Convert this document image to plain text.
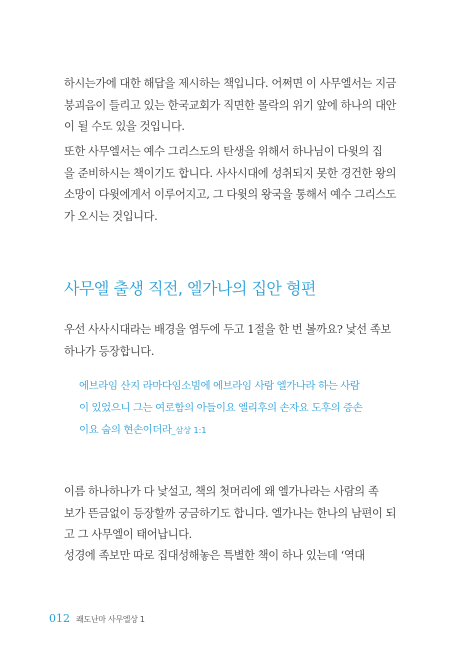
하시는가에 대한 해답을 제시하는 책입니다. 어쩌면 이 사무엘서는 지금
붕괴음이 들리고 있는 한국교회가 직면한 몰락의 위기 앞에 하나의 대안
이 될 수도 있을 것입니다.
또한 사무엘서는 예수 그리스도의 탄생을 위해서 하나님이 다윗의 집
을 준비하시는 책이기도 합니다. 사사시대에 성취되지 못한 경건한 왕의
소망이 다윗에게서 이루어지고, 그 다윗의 왕국을 통해서 예수 그리스도
가 오시는 것입니다.
사무엘 출생 직전, 엘가나의 집안 형편
우선 사사시대라는 배경을 염두에 두고 1절을 한 번 볼까요? 낯선 족보
하나가 등장합니다.
에브라임 산지 라마다임소빔에 에브라임 사람 엘가나라 하는 사람
이 있었으니 그는 여로함의 아들이요 엘리후의 손자요 도후의 증손
이요 숩의 현손이더라_삼상 1:1
이름 하나하나가 다 낯설고, 책의 첫머리에 왜 엘가나라는 사람의 족
보가 뜬금없이 등장할까 궁금하기도 합니다. 엘가나는 한나의 남편이 되
고 그 사무엘이 태어납니다.
성경에 족보만 따로 집대성해놓은 특별한 책이 하나 있는데 ‘역대
012 쾌도난마 사무엘상 1
